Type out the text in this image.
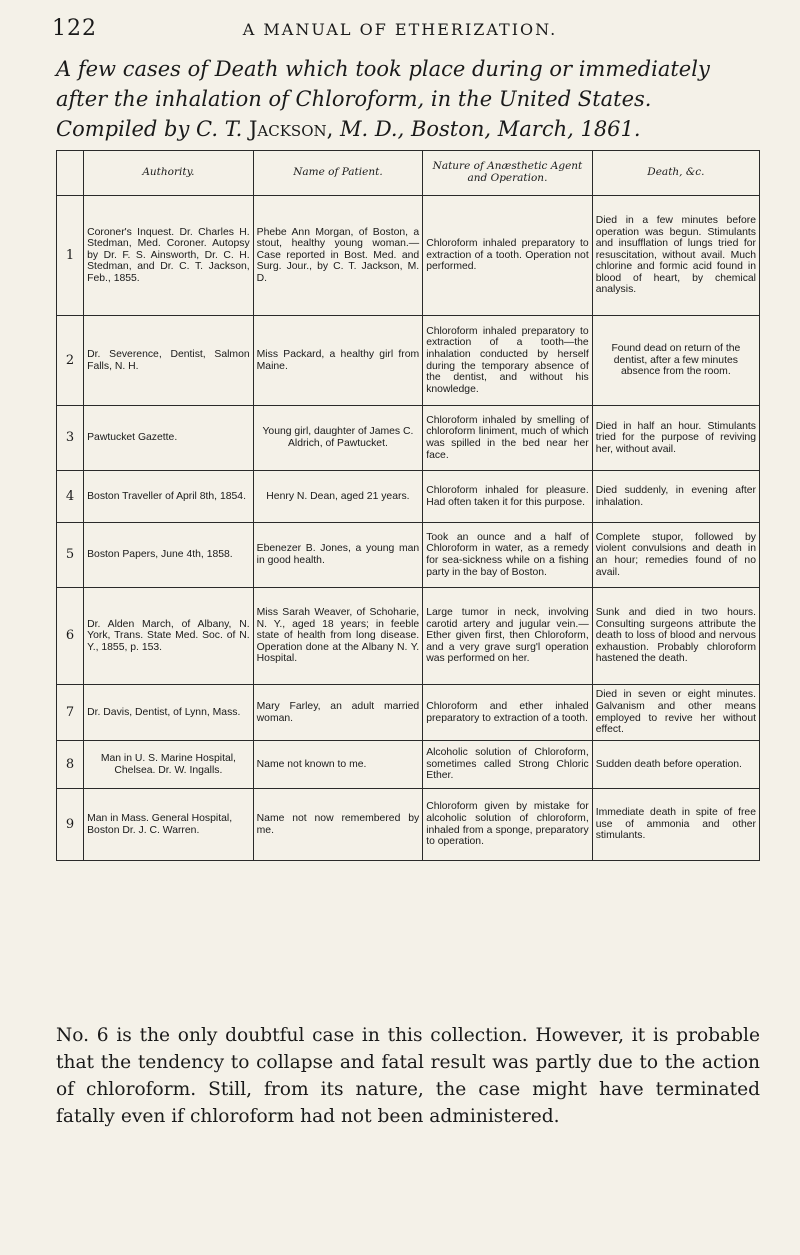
122	A MANUAL OF ETHERIZATION.
A few cases of Death which took place during or immediately
after the inhalation of Chloroform, in the United States.
Compiled by C. T. Jackson, M. D., Boston, March, 1861.
	Authority.	Name of Patient.	Nature of Anæsthetic Agent and Operation.	Death, &c.
1	Coroner's Inquest. Dr. Charles H. Stedman, Med. Coroner. Autopsy by Dr. F. S. Ainsworth, Dr. C. H. Stedman, and Dr. C. T. Jackson, Feb., 1855.	Phebe Ann Morgan, of Boston, a stout, healthy young woman.— Case reported in Bost. Med. and Surg. Jour., by C. T. Jackson, M. D.	Chloroform inhaled preparatory to extraction of a tooth. Operation not performed.	Died in a few minutes before operation was begun. Stimulants and insufflation of lungs tried for resuscitation, without avail. Much chlorine and formic acid found in blood of heart, by chemical analysis.
2	Dr. Severence, Dentist, Salmon Falls, N. H.	Miss Packard, a healthy girl from Maine.	Chloroform inhaled preparatory to extraction of a tooth—the inhalation conducted by herself during the temporary absence of the dentist, and without his knowledge.	Found dead on return of the dentist, after a few minutes absence from the room.
3	Pawtucket Gazette.	Young girl, daughter of James C. Aldrich, of Pawtucket.	Chloroform inhaled by smelling of chloroform liniment, much of which was spilled in the bed near her face.	Died in half an hour. Stimulants tried for the purpose of reviving her, without avail.
4	Boston Traveller of April 8th, 1854.	Henry N. Dean, aged 21 years.	Chloroform inhaled for pleasure. Had often taken it for this purpose.	Died suddenly, in evening after inhalation.
5	Boston Papers, June 4th, 1858.	Ebenezer B. Jones, a young man in good health.	Took an ounce and a half of Chloroform in water, as a remedy for sea-sickness while on a fishing party in the bay of Boston.	Complete stupor, followed by violent convulsions and death in an hour; remedies found of no avail.
6	Dr. Alden March, of Albany, N. York, Trans. State Med. Soc. of N. Y., 1855, p. 153.	Miss Sarah Weaver, of Schoharie, N. Y., aged 18 years; in feeble state of health from long disease. Operation done at the Albany N. Y. Hospital.	Large tumor in neck, involving carotid artery and jugular vein.— Ether given first, then Chloroform, and a very grave surg'l operation was performed on her.	Sunk and died in two hours. Consulting surgeons attribute the death to loss of blood and nervous exhaustion. Probably chloroform hastened the death.
7	Dr. Davis, Dentist, of Lynn, Mass.	Mary Farley, an adult married woman.	Chloroform and ether inhaled preparatory to extraction of a tooth.	Died in seven or eight minutes. Galvanism and other means employed to revive her without effect.
8	Man in U. S. Marine Hospital, Chelsea. Dr. W. Ingalls.	Name not known to me.	Alcoholic solution of Chloroform, sometimes called Strong Chloric Ether.	Sudden death before operation.
9	Man in Mass. General Hospital, Boston Dr. J. C. Warren.	Name not now remembered by me.	Chloroform given by mistake for alcoholic solution of chloroform, inhaled from a sponge, preparatory to operation.	Immediate death in spite of free use of ammonia and other stimulants.
No. 6 is the only doubtful case in this collection. However, it is probable that the tendency to collapse and fatal result was partly due to the action of chloroform. Still, from its nature, the case might have terminated fatally even if chloroform had not been administered.
